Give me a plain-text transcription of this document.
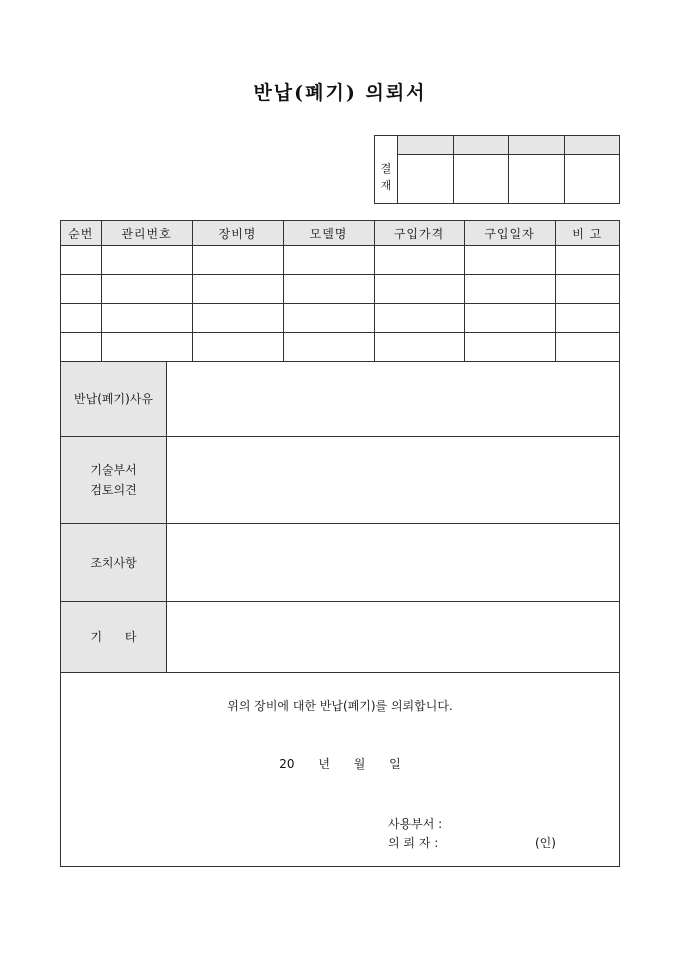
반납(폐기) 의뢰서
결
재
순번	관리번호	장비명	모델명	구입가격	구입일자	비 고

반납(폐기)사유
기술부서
검토의견
조치사항
기      타
위의 장비에 대한 반납(폐기)를 의뢰합니다.
20 년 월 일
사용부서 :
의 뢰 자 :	(인)
